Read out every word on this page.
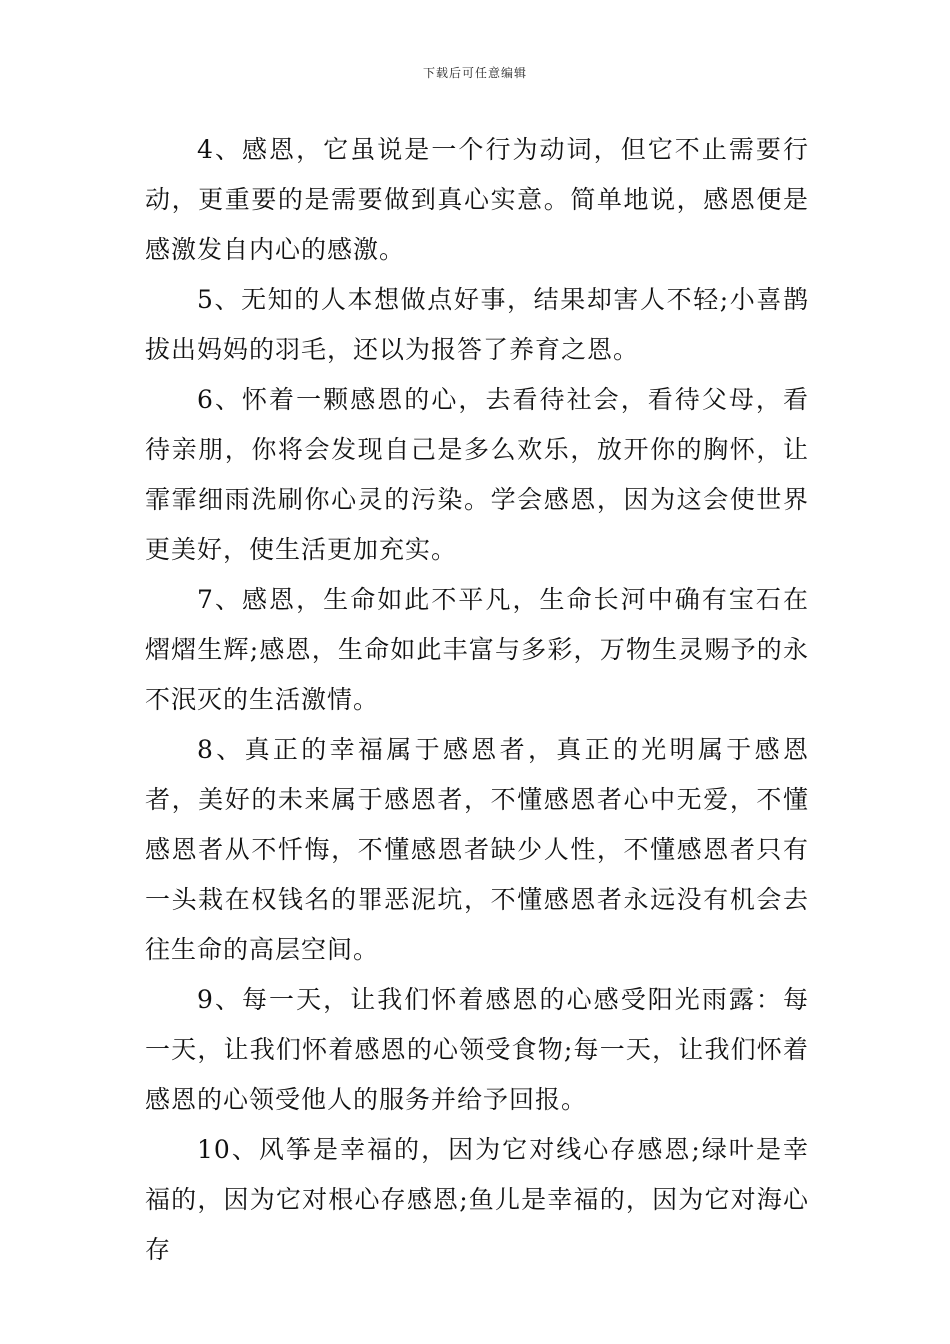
下载后可任意编辑

4、感恩，它虽说是一个行为动词，但它不止需要行动，更重要的是需要做到真心实意。简单地说，感恩便是感激发自内心的感激。

5、无知的人本想做点好事，结果却害人不轻;小喜鹊拔出妈妈的羽毛，还以为报答了养育之恩。

6、怀着一颗感恩的心，去看待社会，看待父母，看待亲朋，你将会发现自己是多么欢乐，放开你的胸怀，让霏霏细雨洗刷你心灵的污染。学会感恩，因为这会使世界更美好，使生活更加充实。

7、感恩，生命如此不平凡，生命长河中确有宝石在熠熠生辉;感恩，生命如此丰富与多彩，万物生灵赐予的永不泯灭的生活激情。

8、真正的幸福属于感恩者，真正的光明属于感恩者，美好的未来属于感恩者，不懂感恩者心中无爱，不懂感恩者从不忏悔，不懂感恩者缺少人性，不懂感恩者只有一头栽在权钱名的罪恶泥坑，不懂感恩者永远没有机会去往生命的高层空间。

9、每一天，让我们怀着感恩的心感受阳光雨露：每一天，让我们怀着感恩的心领受食物;每一天，让我们怀着感恩的心领受他人的服务并给予回报。

10、风筝是幸福的，因为它对线心存感恩;绿叶是幸福的，因为它对根心存感恩;鱼儿是幸福的，因为它对海心存
